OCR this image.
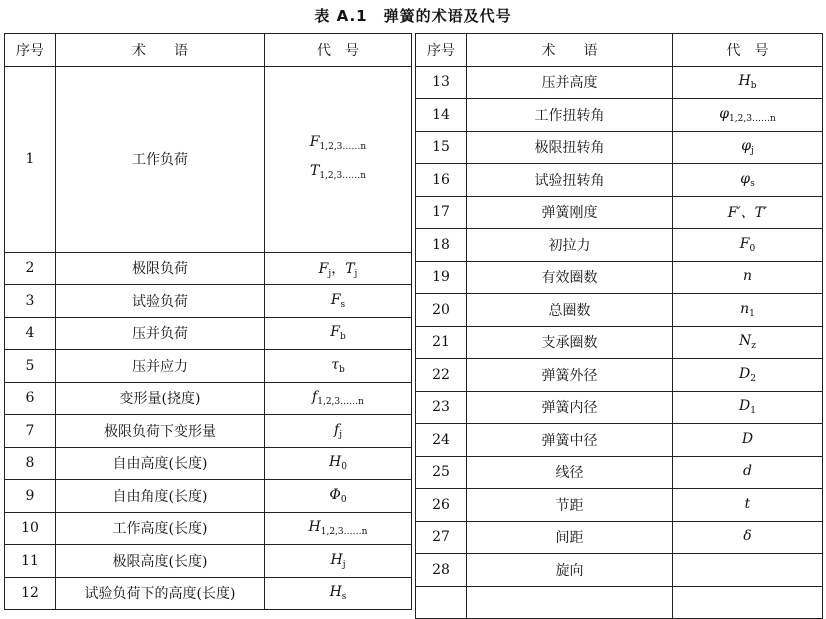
表 A.1　弹簧的术语及代号
序号	术　　语	代　号
1	工作负荷	$F_{1,2,3\dots\dots n}$
$T_{1,2,3\dots\dots n}$

2	极限负荷	$F_j$，$T_j$
3	试验负荷	$F_s$
4	压并负荷	$F_b$
5	压并应力	$\tau_b$
6	变形量(挠度)	$f_{1,2,3\dots\dots n}$
7	极限负荷下变形量	$f_j$
8	自由高度(长度)	$H_0$
9	自由角度(长度)	$\Phi_0$
10	工作高度(长度)	$H_{1,2,3\dots\dots n}$
11	极限高度(长度)	$H_j$
12	试验负荷下的高度(长度)	$H_s$
序号	术　　语	代　号
13	压并高度	$H_b$
14	工作扭转角	$\varphi_{1,2,3\dots\dots n}$
15	极限扭转角	$\varphi_j$
16	试验扭转角	$\varphi_s$
17	弹簧刚度	F′、T′
18	初拉力	$F_0$
19	有效圈数	n
20	总圈数	$n_1$
21	支承圈数	$N_z$
22	弹簧外径	$D_2$
23	弹簧内径	$D_1$
24	弹簧中径	D
25	线径	d
26	节距	t
27	间距	δ
28	旋向	
